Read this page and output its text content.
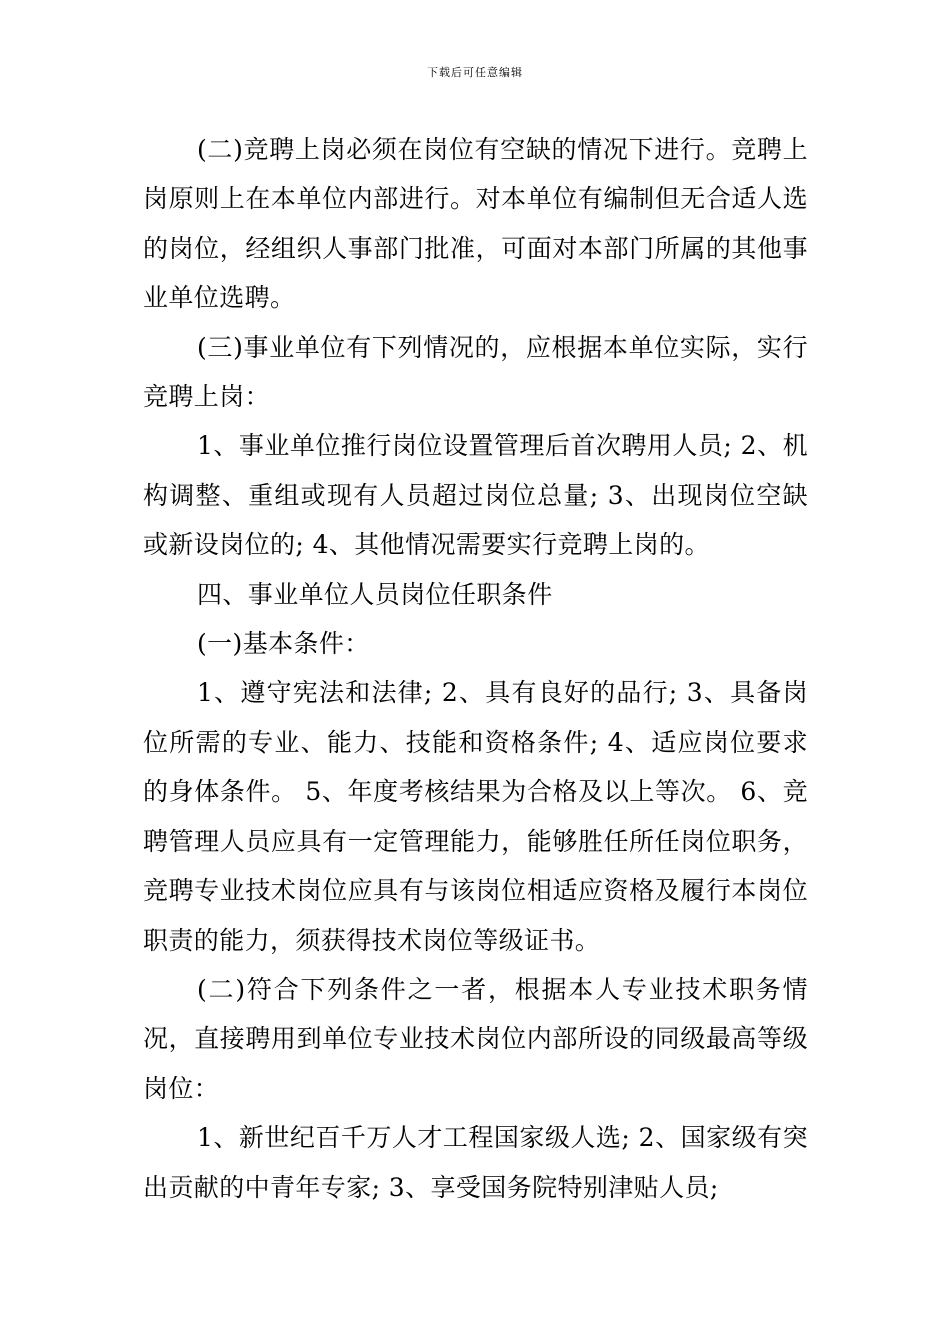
下载后可任意编辑

(二)竞聘上岗必须在岗位有空缺的情况下进行。竞聘上岗原则上在本单位内部进行。对本单位有编制但无合适人选的岗位，经组织人事部门批准，可面对本部门所属的其他事业单位选聘。

(三)事业单位有下列情况的，应根据本单位实际，实行竞聘上岗：

1、事业单位推行岗位设置管理后首次聘用人员; 2、机构调整、重组或现有人员超过岗位总量; 3、出现岗位空缺或新设岗位的; 4、其他情况需要实行竞聘上岗的。

四、事业单位人员岗位任职条件

(一)基本条件：

1、遵守宪法和法律; 2、具有良好的品行; 3、具备岗位所需的专业、能力、技能和资格条件; 4、适应岗位要求的身体条件。 5、年度考核结果为合格及以上等次。 6、竞聘管理人员应具有一定管理能力，能够胜任所任岗位职务，竞聘专业技术岗位应具有与该岗位相适应资格及履行本岗位职责的能力，须获得技术岗位等级证书。

(二)符合下列条件之一者，根据本人专业技术职务情况，直接聘用到单位专业技术岗位内部所设的同级最高等级岗位：

1、新世纪百千万人才工程国家级人选; 2、国家级有突出贡献的中青年专家; 3、享受国务院特别津贴人员;
